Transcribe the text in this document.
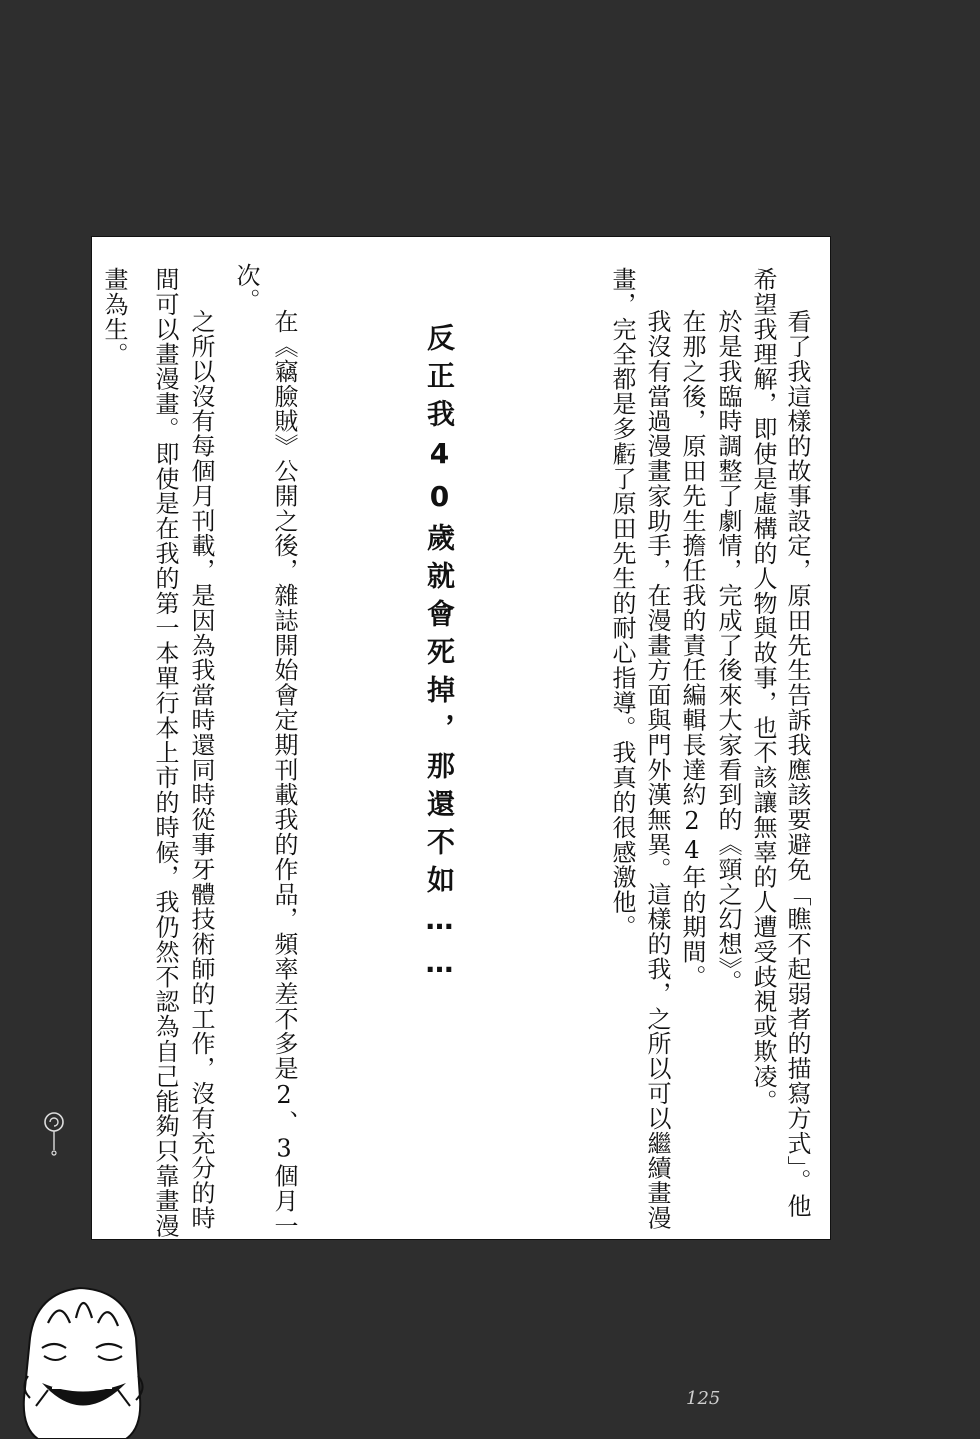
看了我這樣的故事設定，原田先生告訴我應該要避免「瞧不起弱者的描寫方式」。他
希望我理解，即使是虛構的人物與故事，也不該讓無辜的人遭受歧視或欺凌。
於是我臨時調整了劇情，完成了後來大家看到的《頸之幻想》。
在那之後，原田先生擔任我的責任編輯長達約24年的期間。
我沒有當過漫畫家助手，在漫畫方面與門外漢無異。這樣的我，之所以可以繼續畫漫
畫，完全都是多虧了原田先生的耐心指導。我真的很感激他。
反正我40歲就會死掉，那還不如……
在《竊臉賊》公開之後，雜誌開始會定期刊載我的作品，頻率差不多是2、3個月一
次。
之所以沒有每個月刊載，是因為我當時還同時從事牙體技術師的工作，沒有充分的時
間可以畫漫畫。即使是在我的第一本單行本上市的時候，我仍然不認為自己能夠只靠畫漫
畫為生。
125
